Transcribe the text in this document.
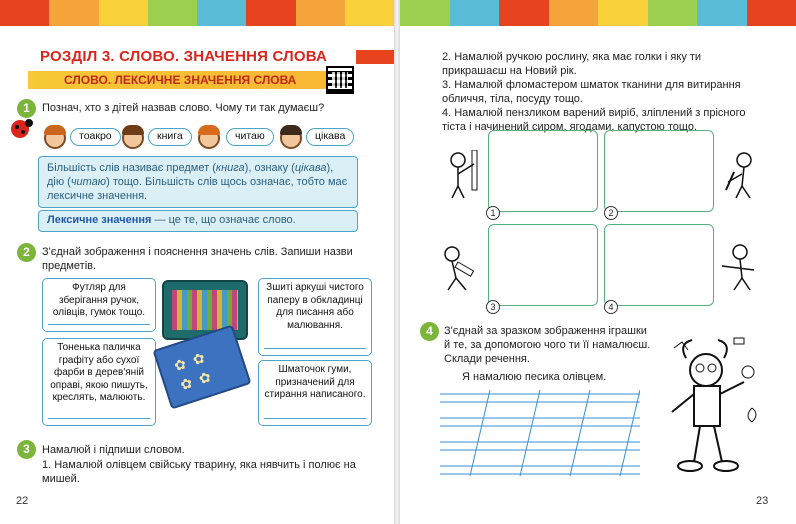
РОЗДІЛ 3. СЛОВО. ЗНАЧЕННЯ СЛОВА
СЛОВО. ЛЕКСИЧНЕ ЗНАЧЕННЯ СЛОВА
1	Познач, хто з дітей назвав слово. Чому ти так думаєш?
тоакро	книга	читаю	цікава
Більшість слів називає предмет (книга), ознаку (цікава), дію (читаю) тощо. Більшість слів щось означає, тобто має лексичне значення.
Лексичне значення — це те, що означає слово.
2	З'єднай зображення і пояснення значень слів. Запиши назви предметів.
Футляр для зберігання ручок, олівців, гумок тощо.
Тоненька паличка графіту або сухої фарби в дерев'яній оправі, якою пишуть, креслять, малюють.
Зшиті аркуші чистого паперу в обкладинці для писання або малювання.
Шматочок гуми, призначений для стирання написаного.
✿ ✿ ✿ ✿
3	Намалюй і підпиши словом.
1. Намалюй олівцем свійську тварину, яка нявчить і полює на мишей.
22
2. Намалюй ручкою рослину, яка має голки і яку ти прикрашаєш на Новий рік.
3. Намалюй фломастером шматок тканини для витирання обличчя, тіла, посуду тощо.
4. Намалюй пензликом варений виріб, зліплений з прісного тіста і начинений сиром, ягодами, капустою тощо.
1	2
3	4
4	З'єднай за зразком зображення іграшки й те, за допомогою чого ти її намалюєш. Склади речення.
Я намалюю песика олівцем.
23
